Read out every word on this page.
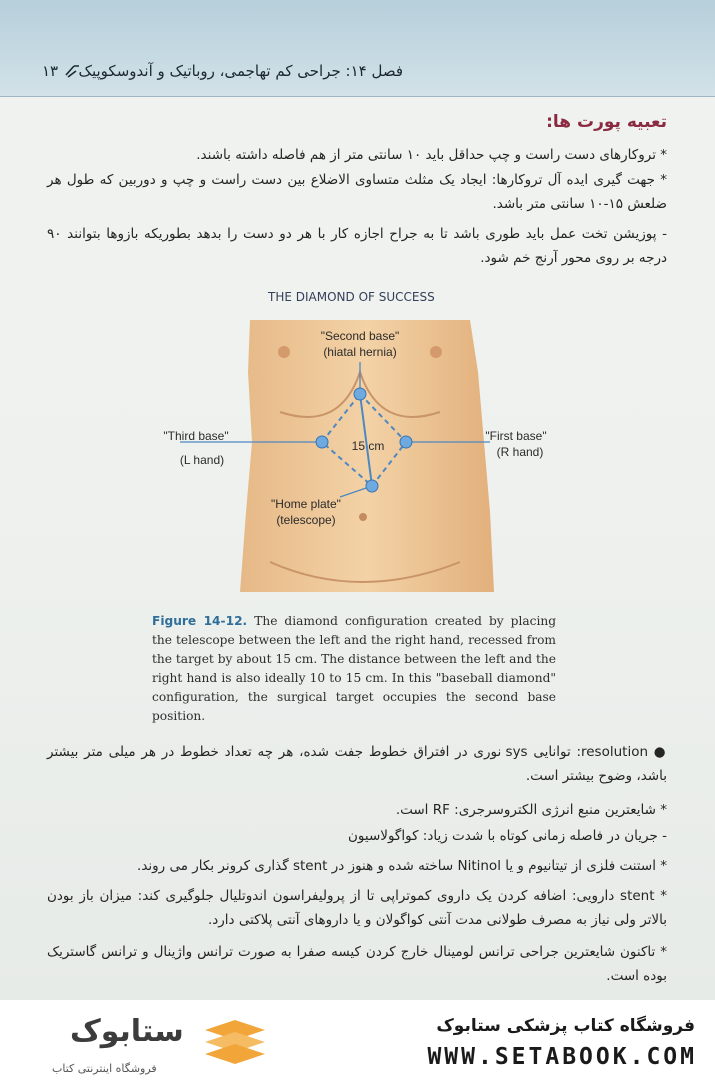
فصل ۱۴: جراحی کم تهاجمی، روباتیک و آندوسکوپیک
۱۳
تعبیه پورت ها:
* تروکارهای دست راست و چپ حداقل باید ۱۰ سانتی متر از هم فاصله داشته باشند.
* جهت گیری ایده آل تروکارها: ایجاد یک مثلث متساوی الاضلاع بین دست راست و چپ و دوربین که طول هر ضلعش ۱۵-۱۰ سانتی متر باشد.
- پوزیشن تخت عمل باید طوری باشد تا به جراح اجازه کار با هر دو دست را بدهد بطوریکه بازوها بتوانند ۹۰ درجه بر روی محور آرنج خم شود.
THE DIAMOND OF SUCCESS
"Second base"
(hiatal hernia)
"Third base"
(L hand)
"First base"
(R hand)
"Home plate"
(telescope)
15 cm
Figure 14-12. The diamond configuration created by placing the telescope between the left and the right hand, recessed from the target by about 15 cm. The distance between the left and the right hand is also ideally 10 to 15 cm. In this "baseball diamond" configuration, the surgical target occupies the second base position.
● resolution: توانایی sys نوری در افتراق خطوط جفت شده، هر چه تعداد خطوط در هر میلی متر بیشتر باشد، وضوح بیشتر است.
* شایعترین منبع انرژی الکتروسرجری: RF است.
- جریان در فاصله زمانی کوتاه با شدت زیاد: کواگولاسیون
* استنت فلزی از تیتانیوم و یا Nitinol ساخته شده و هنوز در stent گذاری کرونر بکار می روند.
* stent دارویی: اضافه کردن یک داروی کموتراپی تا از پرولیفراسون اندوتلیال جلوگیری کند: میزان باز بودن بالاتر ولی نیاز به مصرف طولانی مدت آنتی کواگولان و یا داروهای آنتی پلاکتی دارد.
* تاکنون شایعترین جراحی ترانس لومینال خارج کردن کیسه صفرا به صورت ترانس واژینال و ترانس گاستریک بوده است.
فروشگاه کتاب پزشکی ستابوک
WWW.SETABOOK.COM
ستابوک
فروشگاه اینترنتی کتاب
